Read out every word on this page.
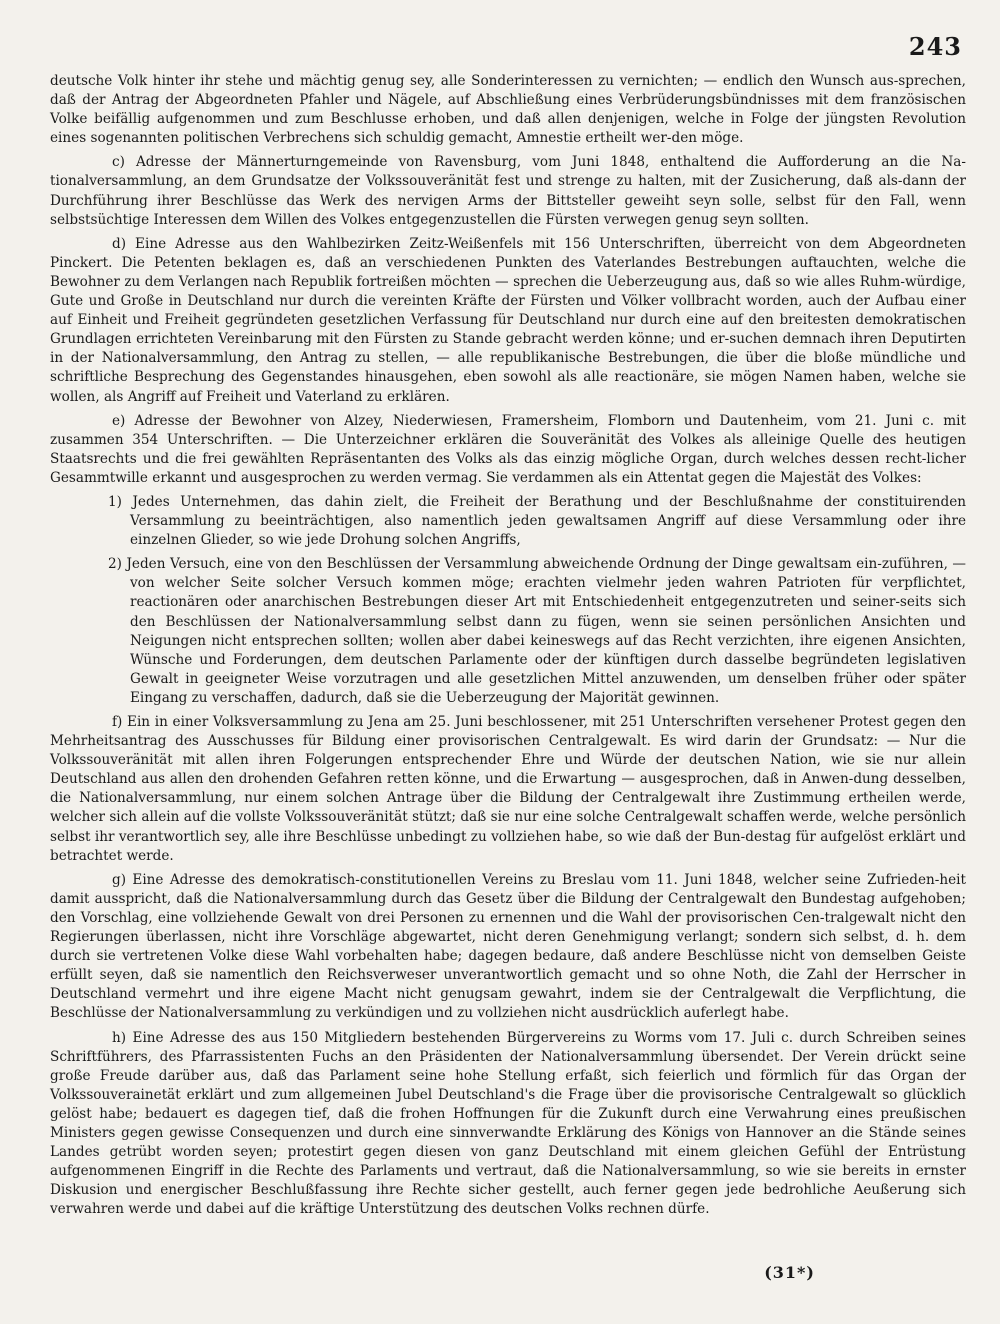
243

deutsche Volk hinter ihr stehe und mächtig genug sey, alle Sonderinteressen zu vernichten; — endlich den Wunsch aus-sprechen, daß der Antrag der Abgeordneten Pfahler und Nägele, auf Abschließung eines Verbrüderungsbündnisses mit dem französischen Volke beifällig aufgenommen und zum Beschlusse erhoben, und daß allen denjenigen, welche in Folge der jüngsten Revolution eines sogenannten politischen Verbrechens sich schuldig gemacht, Amnestie ertheilt wer-den möge.

c) Adresse der Männerturngemeinde von Ravensburg, vom Juni 1848, enthaltend die Aufforderung an die Na-tionalversammlung, an dem Grundsatze der Volkssouveränität fest und strenge zu halten, mit der Zusicherung, daß als-dann der Durchführung ihrer Beschlüsse das Werk des nervigen Arms der Bittsteller geweiht seyn solle, selbst für den Fall, wenn selbstsüchtige Interessen dem Willen des Volkes entgegenzustellen die Fürsten verwegen genug seyn sollten.

d) Eine Adresse aus den Wahlbezirken Zeitz-Weißenfels mit 156 Unterschriften, überreicht von dem Abgeordneten Pinckert. Die Petenten beklagen es, daß an verschiedenen Punkten des Vaterlandes Bestrebungen auftauchten, welche die Bewohner zu dem Verlangen nach Republik fortreißen möchten — sprechen die Ueberzeugung aus, daß so wie alles Ruhm-würdige, Gute und Große in Deutschland nur durch die vereinten Kräfte der Fürsten und Völker vollbracht worden, auch der Aufbau einer auf Einheit und Freiheit gegründeten gesetzlichen Verfassung für Deutschland nur durch eine auf den breitesten demokratischen Grundlagen errichteten Vereinbarung mit den Fürsten zu Stande gebracht werden könne; und er-suchen demnach ihren Deputirten in der Nationalversammlung, den Antrag zu stellen, — alle republikanische Bestrebungen, die über die bloße mündliche und schriftliche Besprechung des Gegenstandes hinausgehen, eben sowohl als alle reactionäre, sie mögen Namen haben, welche sie wollen, als Angriff auf Freiheit und Vaterland zu erklären.

e) Adresse der Bewohner von Alzey, Niederwiesen, Framersheim, Flomborn und Dautenheim, vom 21. Juni c. mit zusammen 354 Unterschriften. — Die Unterzeichner erklären die Souveränität des Volkes als alleinige Quelle des heutigen Staatsrechts und die frei gewählten Repräsentanten des Volks als das einzig mögliche Organ, durch welches dessen recht-licher Gesammtwille erkannt und ausgesprochen zu werden vermag. Sie verdammen als ein Attentat gegen die Majestät des Volkes:

1) Jedes Unternehmen, das dahin zielt, die Freiheit der Berathung und der Beschlußnahme der constituirenden Versammlung zu beeinträchtigen, also namentlich jeden gewaltsamen Angriff auf diese Versammlung oder ihre einzelnen Glieder, so wie jede Drohung solchen Angriffs,

2) Jeden Versuch, eine von den Beschlüssen der Versammlung abweichende Ordnung der Dinge gewaltsam ein-zuführen, — von welcher Seite solcher Versuch kommen möge; erachten vielmehr jeden wahren Patrioten für verpflichtet, reactionären oder anarchischen Bestrebungen dieser Art mit Entschiedenheit entgegenzutreten und seiner-seits sich den Beschlüssen der Nationalversammlung selbst dann zu fügen, wenn sie seinen persönlichen Ansichten und Neigungen nicht entsprechen sollten; wollen aber dabei keineswegs auf das Recht verzichten, ihre eigenen Ansichten, Wünsche und Forderungen, dem deutschen Parlamente oder der künftigen durch dasselbe begründeten legislativen Gewalt in geeigneter Weise vorzutragen und alle gesetzlichen Mittel anzuwenden, um denselben früher oder später Eingang zu verschaffen, dadurch, daß sie die Ueberzeugung der Majorität gewinnen.

f) Ein in einer Volksversammlung zu Jena am 25. Juni beschlossener, mit 251 Unterschriften versehener Protest gegen den Mehrheitsantrag des Ausschusses für Bildung einer provisorischen Centralgewalt. Es wird darin der Grundsatz: — Nur die Volkssouveränität mit allen ihren Folgerungen entsprechender Ehre und Würde der deutschen Nation, wie sie nur allein Deutschland aus allen den drohenden Gefahren retten könne, und die Erwartung — ausgesprochen, daß in Anwen-dung desselben, die Nationalversammlung, nur einem solchen Antrage über die Bildung der Centralgewalt ihre Zustimmung ertheilen werde, welcher sich allein auf die vollste Volkssouveränität stützt; daß sie nur eine solche Centralgewalt schaffen werde, welche persönlich selbst ihr verantwortlich sey, alle ihre Beschlüsse unbedingt zu vollziehen habe, so wie daß der Bun-destag für aufgelöst erklärt und betrachtet werde.

g) Eine Adresse des demokratisch-constitutionellen Vereins zu Breslau vom 11. Juni 1848, welcher seine Zufrieden-heit damit ausspricht, daß die Nationalversammlung durch das Gesetz über die Bildung der Centralgewalt den Bundestag aufgehoben; den Vorschlag, eine vollziehende Gewalt von drei Personen zu ernennen und die Wahl der provisorischen Cen-tralgewalt nicht den Regierungen überlassen, nicht ihre Vorschläge abgewartet, nicht deren Genehmigung verlangt; sondern sich selbst, d. h. dem durch sie vertretenen Volke diese Wahl vorbehalten habe; dagegen bedaure, daß andere Beschlüsse nicht von demselben Geiste erfüllt seyen, daß sie namentlich den Reichsverweser unverantwortlich gemacht und so ohne Noth, die Zahl der Herrscher in Deutschland vermehrt und ihre eigene Macht nicht genugsam gewahrt, indem sie der Centralgewalt die Verpflichtung, die Beschlüsse der Nationalversammlung zu verkündigen und zu vollziehen nicht ausdrücklich auferlegt habe.

h) Eine Adresse des aus 150 Mitgliedern bestehenden Bürgervereins zu Worms vom 17. Juli c. durch Schreiben seines Schriftführers, des Pfarrassistenten Fuchs an den Präsidenten der Nationalversammlung übersendet. Der Verein drückt seine große Freude darüber aus, daß das Parlament seine hohe Stellung erfaßt, sich feierlich und förmlich für das Organ der Volkssouverainetät erklärt und zum allgemeinen Jubel Deutschland's die Frage über die provisorische Centralgewalt so glücklich gelöst habe; bedauert es dagegen tief, daß die frohen Hoffnungen für die Zukunft durch eine Verwahrung eines preußischen Ministers gegen gewisse Consequenzen und durch eine sinnverwandte Erklärung des Königs von Hannover an die Stände seines Landes getrübt worden seyen; protestirt gegen diesen von ganz Deutschland mit einem gleichen Gefühl der Entrüstung aufgenommenen Eingriff in die Rechte des Parlaments und vertraut, daß die Nationalversammlung, so wie sie bereits in ernster Diskusion und energischer Beschlußfassung ihre Rechte sicher gestellt, auch ferner gegen jede bedrohliche Aeußerung sich verwahren werde und dabei auf die kräftige Unterstützung des deutschen Volks rechnen dürfe.

(31*)
